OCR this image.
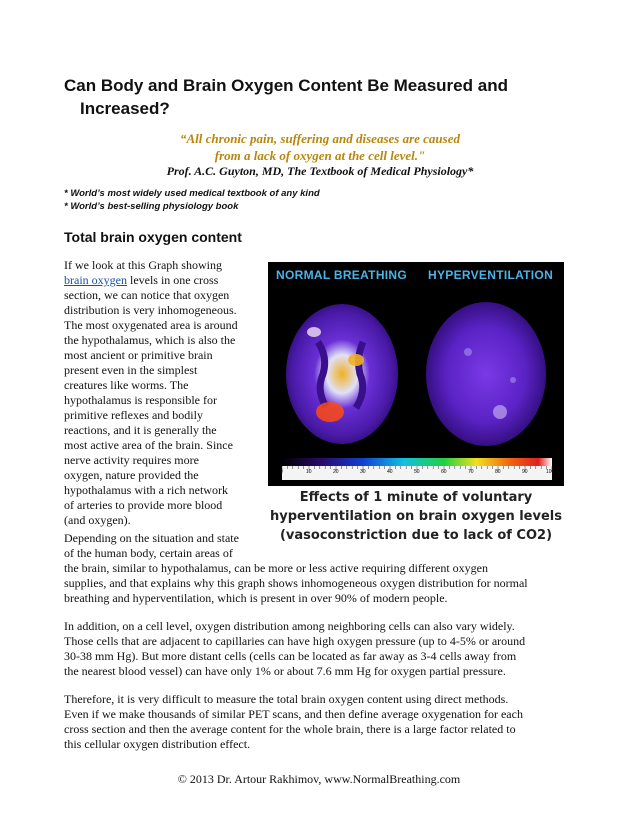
Can Body and Brain Oxygen Content Be Measured and Increased?
“All chronic pain, suffering and diseases are caused
from a lack of oxygen at the cell level."
Prof. A.C. Guyton, MD, The Textbook of Medical Physiology*
* World’s most widely used medical textbook of any kind
* World’s best-selling physiology book
Total brain oxygen content
If we look at this Graph showing
brain oxygen levels in one cross
section, we can notice that oxygen
distribution is very inhomogeneous.
The most oxygenated area is around
the hypothalamus, which is also the
most ancient or primitive brain
present even in the simplest
creatures like worms. The
hypothalamus is responsible for
primitive reflexes and bodily
reactions, and it is generally the
most active area of the brain. Since
nerve activity requires more
oxygen, nature provided the
hypothalamus with a rich network
of arteries to provide more blood
(and oxygen).
NORMAL BREATHING HYPERVENTILATION
0	10	20	30	40	50	60	70	80	90	100
Effects of 1 minute of voluntary
hyperventilation on brain oxygen levels
(vasoconstriction due to lack of CO2)
Depending on the situation and state
of the human body, certain areas of
the brain, similar to hypothalamus, can be more or less active requiring different oxygen
supplies, and that explains why this graph shows inhomogeneous oxygen distribution for normal
breathing and hyperventilation, which is present in over 90% of modern people.
In addition, on a cell level, oxygen distribution among neighboring cells can also vary widely.
Those cells that are adjacent to capillaries can have high oxygen pressure (up to 4-5% or around
30-38 mm Hg). But more distant cells (cells can be located as far away as 3-4 cells away from
the nearest blood vessel) can have only 1% or about 7.6 mm Hg for oxygen partial pressure.
Therefore, it is very difficult to measure the total brain oxygen content using direct methods.
Even if we make thousands of similar PET scans, and then define average oxygenation for each
cross section and then the average content for the whole brain, there is a large factor related to
this cellular oxygen distribution effect.
© 2013 Dr. Artour Rakhimov, www.NormalBreathing.com
